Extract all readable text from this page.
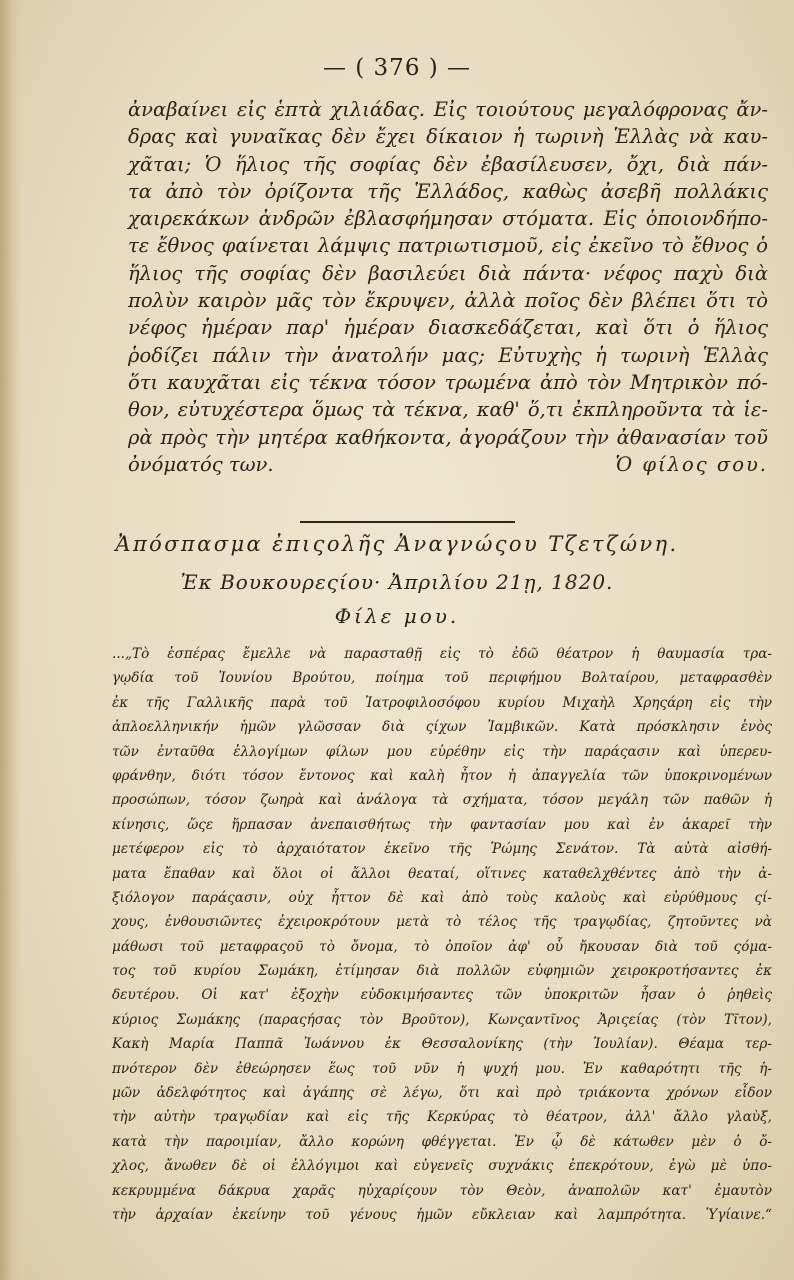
— ( 376 ) —
ἀναβαίνει εἰς ἑπτὰ χιλιάδας. Εἰς τοιούτους μεγαλόφρονας ἄν-
δρας καὶ γυναῖκας δὲν ἔχει δίκαιον ἡ τωρινὴ Ἑλλὰς νὰ καυ-
χᾶται; Ὁ ἥλιος τῆς σοφίας δὲν ἐβασίλευσεν, ὄχι, διὰ πάν-
τα ἀπὸ τὸν ὁρίζοντα τῆς Ἑλλάδος, καθὼς ἀσεβῆ πολλάκις
χαιρεκάκων ἀνδρῶν ἐβλασφήμησαν στόματα. Εἰς ὁποιονδήπο-
τε ἔθνος φαίνεται λάμψις πατριωτισμοῦ, εἰς ἐκεῖνο τὸ ἔθνος ὁ
ἥλιος τῆς σοφίας δὲν βασιλεύει διὰ πάντα· νέφος παχὺ διὰ
πολὺν καιρὸν μᾶς τὸν ἔκρυψεν, ἀλλὰ ποῖος δὲν βλέπει ὅτι τὸ
νέφος ἡμέραν παρ' ἡμέραν διασκεδάζεται, καὶ ὅτι ὁ ἥλιος
ῥοδίζει πάλιν τὴν ἀνατολήν μας; Εὐτυχὴς ἡ τωρινὴ Ἑλλὰς
ὅτι καυχᾶται εἰς τέκνα τόσον τρωμένα ἀπὸ τὸν Μητρικὸν πό-
θον, εὐτυχέστερα ὅμως τὰ τέκνα, καθ' ὅ,τι ἐκπληροῦντα τὰ ἱε-
ρὰ πρὸς τὴν μητέρα καθήκοντα, ἀγοράζουν τὴν ἀθανασίαν τοῦ
ὀνόματός των.	Ὁ φίλος σου.
Ἀπόσπασμα ἐπιςολῆς Ἀναγνώςου Τζετζώνη.
Ἐκ Βουκουρεςίου· Ἀπριλίου 21ῃ, 1820.
Φίλε μου.
...„Τὸ ἑσπέρας ἔμελλε νὰ παρασταθῇ εἰς τὸ ἐδῶ θέατρον ἡ θαυμασία τρα-
γῳδία τοῦ Ἰουνίου Βρούτου, ποίημα τοῦ περιφήμου Βολταίρου, μεταφρασθὲν
ἐκ τῆς Γαλλικῆς παρὰ τοῦ Ἰατροφιλοσόφου κυρίου Μιχαὴλ Χρηςάρη εἰς τὴν
ἀπλοελληνικήν ἡμῶν γλῶσσαν διὰ ςίχων Ἰαμβικῶν. Κατὰ πρόσκλησιν ἑνὸς
τῶν ἐνταῦθα ἐλλογίμων φίλων μου εὑρέθην εἰς τὴν παράςασιν καὶ ὑπερευ-
φράνθην, διότι τόσον ἔντονος καὶ καλὴ ἦτον ἡ ἀπαγγελία τῶν ὑποκρινομένων
προσώπων, τόσον ζωηρὰ καὶ ἀνάλογα τὰ σχήματα, τόσον μεγάλη τῶν παθῶν ἡ
κίνησις, ὥςε ἥρπασαν ἀνεπαισθήτως τὴν φαντασίαν μου καὶ ἐν ἀκαρεῖ τὴν
μετέφερον εἰς τὸ ἀρχαιότατον ἐκεῖνο τῆς Ῥώμης Σενάτον. Τὰ αὐτὰ αἰσθή-
ματα ἔπαθαν καὶ ὅλοι οἱ ἄλλοι θεαταί, οἵτινες καταθελχθέντες ἀπὸ τὴν ἀ-
ξιόλογον παράςασιν, οὐχ ἧττον δὲ καὶ ἀπὸ τοὺς καλοὺς καὶ εὐρύθμους ςί-
χους, ἐνθουσιῶντες ἐχειροκρότουν μετὰ τὸ τέλος τῆς τραγῳδίας, ζητοῦντες νὰ
μάθωσι τοῦ μεταφραςοῦ τὸ ὄνομα, τὸ ὁποῖον ἀφ' οὗ ἤκουσαν διὰ τοῦ ςόμα-
τος τοῦ κυρίου Σωμάκη, ἐτίμησαν διὰ πολλῶν εὐφημιῶν χειροκροτήσαντες ἐκ
δευτέρου. Οἱ κατ' ἐξοχὴν εὐδοκιμήσαντες τῶν ὑποκριτῶν ἦσαν ὁ ῥηθεὶς
κύριος Σωμάκης (παραςήσας τὸν Βροῦτον), Κωνςαντῖνος Ἀριςείας (τὸν Τῖτον),
Κακὴ Μαρία Παππᾶ Ἰωάννου ἐκ Θεσσαλονίκης (τὴν Ἰουλίαν). Θέαμα τερ-
πνότερον δὲν ἐθεώρησεν ἕως τοῦ νῦν ἡ ψυχή μου. Ἐν καθαρότητι τῆς ἡ-
μῶν ἀδελφότητος καὶ ἀγάπης σὲ λέγω, ὅτι καὶ πρὸ τριάκοντα χρόνων εἶδον
τὴν αὐτὴν τραγῳδίαν καὶ εἰς τῆς Κερκύρας τὸ θέατρον, ἀλλ' ἄλλο γλαὺξ,
κατὰ τὴν παροιμίαν, ἄλλο κορώνη φθέγγεται. Ἐν ᾧ δὲ κάτωθεν μὲν ὁ ὄ-
χλος, ἄνωθεν δὲ οἱ ἐλλόγιμοι καὶ εὐγενεῖς συχνάκις ἐπεκρότουν, ἐγὼ μὲ ὑπο-
κεκρυμμένα δάκρυα χαρᾶς ηὐχαρίςουν τὸν Θεὸν, ἀναπολῶν κατ' ἐμαυτὸν
τὴν ἀρχαίαν ἐκείνην τοῦ γένους ἡμῶν εὔκλειαν καὶ λαμπρότητα. Ὑγίαινε.“
